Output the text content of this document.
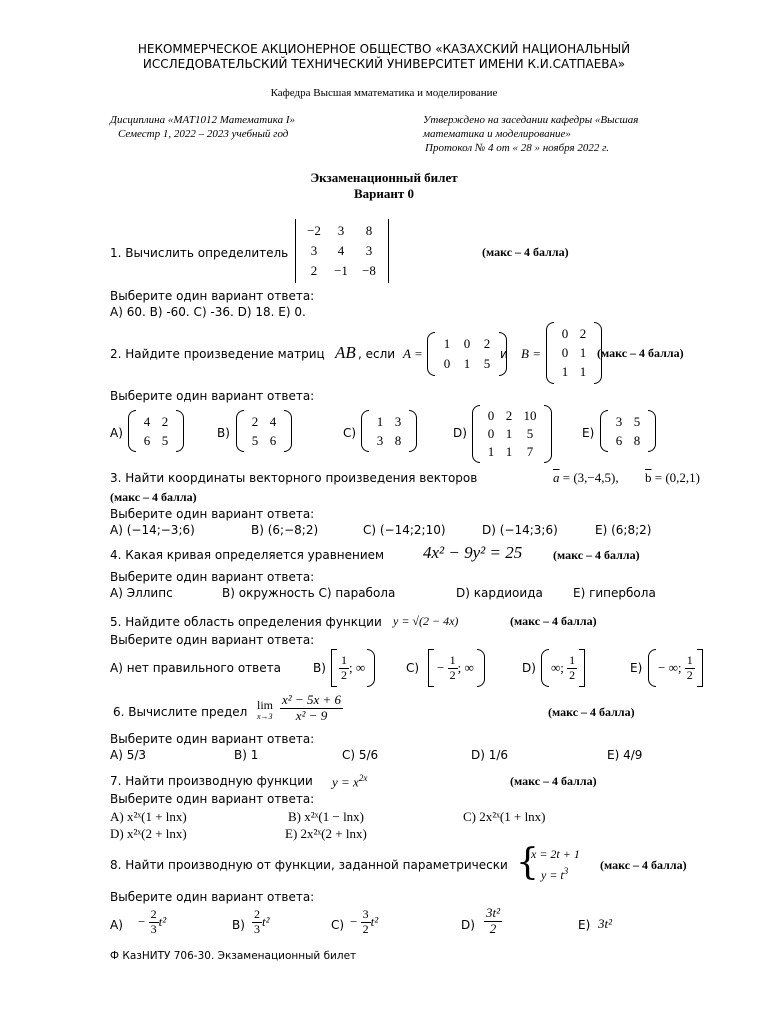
НЕКОММЕРЧЕСКОЕ АКЦИОНЕРНОЕ ОБЩЕСТВО «КАЗАХСКИЙ НАЦИОНАЛЬНЫЙ
ИССЛЕДОВАТЕЛЬСКИЙ ТЕХНИЧЕСКИЙ УНИВЕРСИТЕТ ИМЕНИ К.И.САТПАЕВА»
Кафедра Высшая мматематика и моделирование
Дисциплина «MAT1012 Математика I»
Семестр 1, 2022 – 2023 учебный год
Утверждено на заседании кафедры «Высшая
математика и моделирование»
Протокол № 4 от « 28 » ноября 2022 г.
Экзаменационный билет
Вариант 0
1. Вычислить определитель
−2 3 8
3 4 3
2 −1 −8
(макс – 4 балла)
Выберите один вариант ответа:
A) 60. B) -60. C) -36. D) 18. E) 0.
2. Найдите произведение матриц AB , если A =
1 0 2
0 1 5
и B =
0 2
0 1
1 1
(макс – 4 балла)
Выберите один вариант ответа:
A)
4 2
6 5	B)
2 4
5 6	C)
1 3
3 8	D)
0 2 10
0 1 5
1 1 7
E)
3 5
6 8
3. Найти координаты векторного произведения векторов	$\overline{a} = (3,-4,5)$, $\overline{b} = (0,2,1)$
(макс – 4 балла)
Выберите один вариант ответа:
A) (−14;−3;6)	B) (6;−8;2)	C) (−14;2;10)	D) (−14;3;6)	E) (6;8;2)
4. Какая кривая определяется уравнением 4x² − 9y² = 25	(макс – 4 балла)
Выберите один вариант ответа:
A) Эллипс	B) окружность C) парабола	D) кардиоида	E) гипербола
5. Найдите область определения функции y = √(2 − 4x)	(макс – 4 балла)
Выберите один вариант ответа:
A) нет правильного ответа	$B) \frac{1}{2}$ ; ∞	C) −
$\frac{1}{2}$ ; ∞	D) ∞ ; $\frac{1}{2}$	E) − ∞ ; $\frac{1}{2}$
6. Вычислите предел lim
$x\to 3 \frac{\text{x² − 5x + 6}}{\text{x² − 9}}$	(макс – 4 балла)
Выберите один вариант ответа:
A) 5/3	B) 1	C) 5/6	D) 1/6	E) 4/9
7. Найти производную функции $y = x^{2x}$	(макс – 4 балла)
Выберите один вариант ответа:
A) x²ˣ(1 + lnx)	B) x²ˣ(1 − lnx)	C) 2x²ˣ(1 + lnx)
D) x²ˣ(2 + lnx)	E) 2x²ˣ(2 + lnx)
8. Найти производную от функции, заданной параметрически {
x = 2t + 1
$y = t^3$	(макс – 4 балла)
Выберите один вариант ответа:
A) −
$\frac{2}{3} t^2$	$B) \frac{2}{3} t^2$	C) −
$\frac{3}{2} t^2$	$D) \frac{\text{3t²}}{2}$	E) 3t²
Ф КазНИТУ 706-30. Экзаменационный билет
